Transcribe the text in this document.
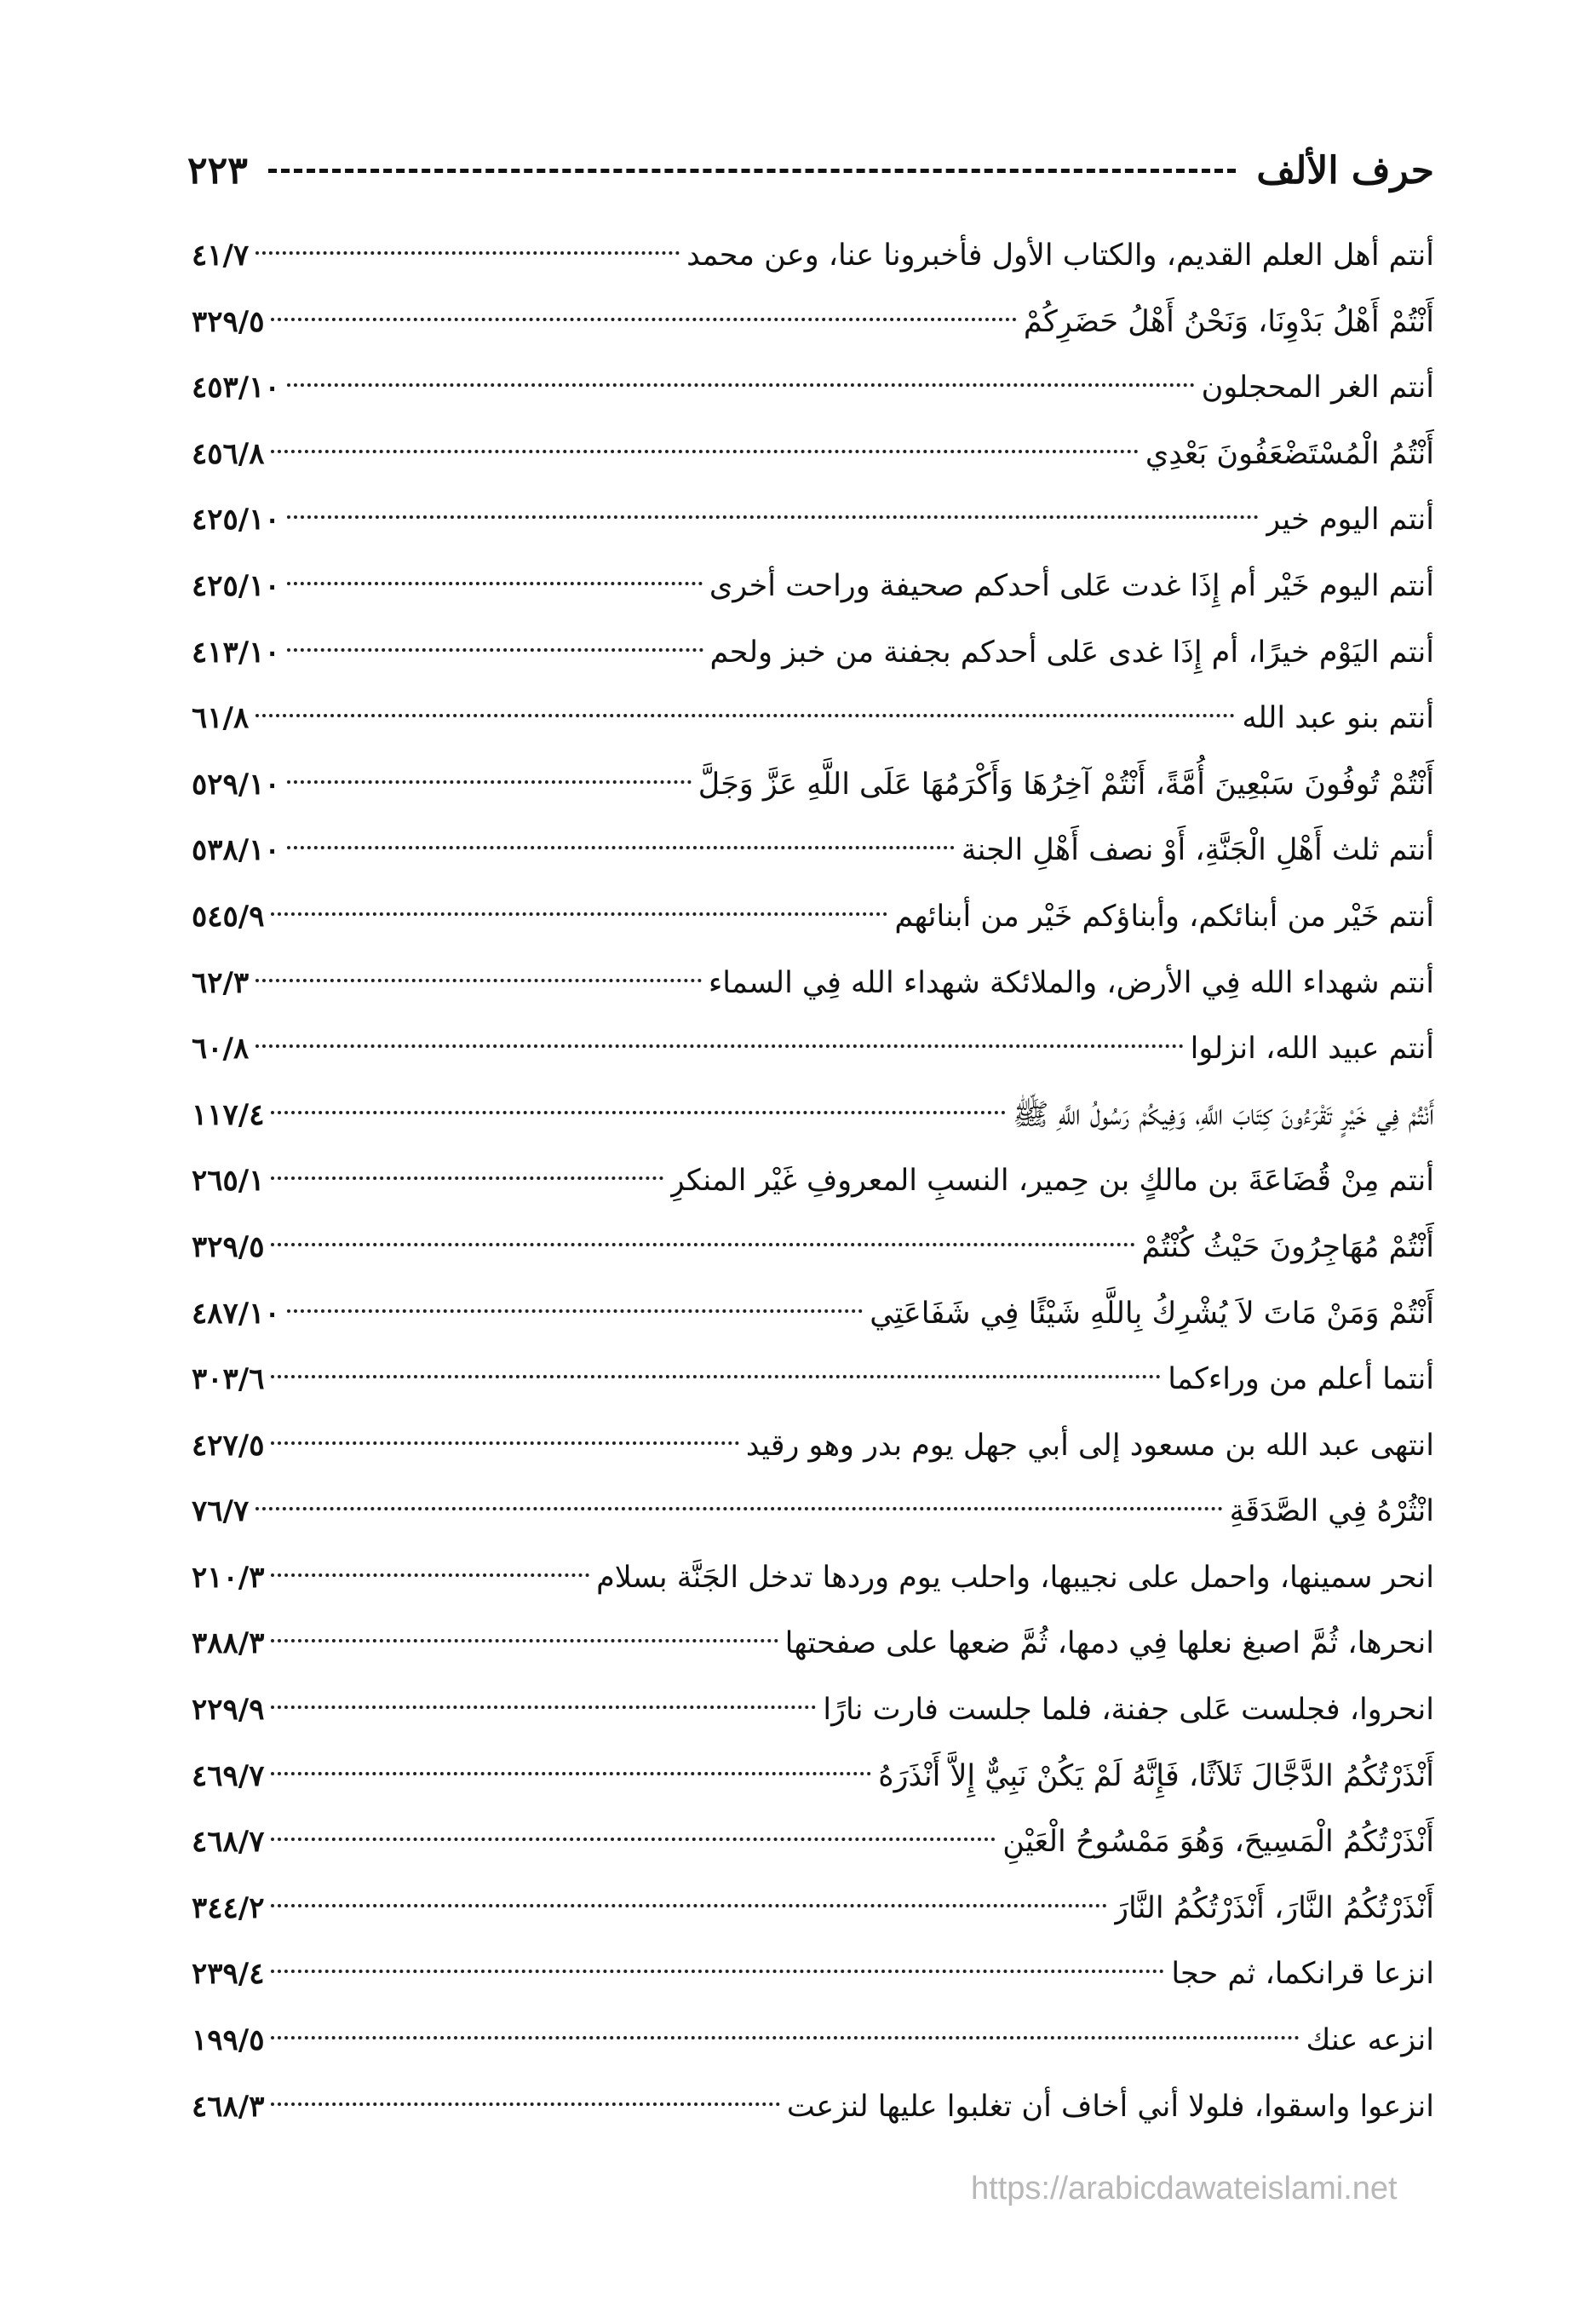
حرف الألف
٢٢٣
أنتم أهل العلم القديم، والكتاب الأول فأخبرونا عنا، وعن محمد
٤١/٧
أَنْتُمْ أَهْلُ بَدْوِنَا، وَنَحْنُ أَهْلُ حَضَرِكُمْ
٣٢٩/٥
أنتم الغر المحجلون
٤٥٣/١٠
أَنْتُمُ الْمُسْتَضْعَفُونَ بَعْدِي
٤٥٦/٨
أنتم اليوم خير
٤٢٥/١٠
أنتم اليوم خَيْر أم إِذَا غدت عَلى أحدكم صحيفة وراحت أخرى
٤٢٥/١٠
أنتم اليَوْم خيرًا، أم إِذَا غدى عَلى أحدكم بجفنة من خبز ولحم
٤١٣/١٠
أنتم بنو عبد الله
٦١/٨
أَنْتُمْ تُوفُونَ سَبْعِينَ أُمَّةً، أَنْتُمْ آخِرُهَا وَأَكْرَمُهَا عَلَى اللَّهِ عَزَّ وَجَلَّ
٥٢٩/١٠
أنتم ثلث أَهْلِ الْجَنَّةِ، أَوْ نصف أَهْلِ الجنة
٥٣٨/١٠
أنتم خَيْر من أبنائكم، وأبناؤكم خَيْر من أبنائهم
٥٤٥/٩
أنتم شهداء الله فِي الأرض، والملائكة شهداء الله فِي السماء
٦٢/٣
أنتم عبيد الله، انزلوا
٦٠/٨
أَنْتُمْ فِي خَيْرٍ تَقْرَءُونَ كِتَابَ اللَّهِ، وَفِيكُمْ رَسُولُ اللَّهِ ﷺ
١١٧/٤
أنتم مِنْ قُضَاعَةَ بن مالكٍ بن حِمير، النسبِ المعروفِ غَيْر المنكرِ
٢٦٥/١
أَنْتُمْ مُهَاجِرُونَ حَيْثُ كُنْتُمْ
٣٢٩/٥
أَنْتُمْ وَمَنْ مَاتَ لاَ يُشْرِكُ بِاللَّهِ شَيْئًا فِي شَفَاعَتِي
٤٨٧/١٠
أنتما أعلم من وراءكما
٣٠٣/٦
انتهى عبد الله بن مسعود إلى أبي جهل يوم بدر وهو رقيد
٤٢٧/٥
انْثُرْهُ فِي الصَّدَقَةِ
٧٦/٧
انحر سمينها، واحمل على نجيبها، واحلب يوم وردها تدخل الجَنَّة بسلام
٢١٠/٣
انحرها، ثُمَّ اصبغ نعلها فِي دمها، ثُمَّ ضعها على صفحتها
٣٨٨/٣
انحروا، فجلست عَلى جفنة، فلما جلست فارت نارًا
٢٢٩/٩
أَنْذَرْتُكُمُ الدَّجَّالَ ثَلاَثًا، فَإِنَّهُ لَمْ يَكُنْ نَبِيٌّ إِلاَّ أَنْذَرَهُ
٤٦٩/٧
أَنْذَرْتُكُمُ الْمَسِيحَ، وَهُوَ مَمْسُوحُ الْعَيْنِ
٤٦٨/٧
أَنْذَرْتُكُمُ النَّارَ، أَنْذَرْتُكُمُ النَّارَ
٣٤٤/٢
انزعا قرانكما، ثم حجا
٢٣٩/٤
انزعه عنك
١٩٩/٥
انزعوا واسقوا، فلولا أني أخاف أن تغلبوا عليها لنزعت
٤٦٨/٣
https://arabicdawateislami.net
